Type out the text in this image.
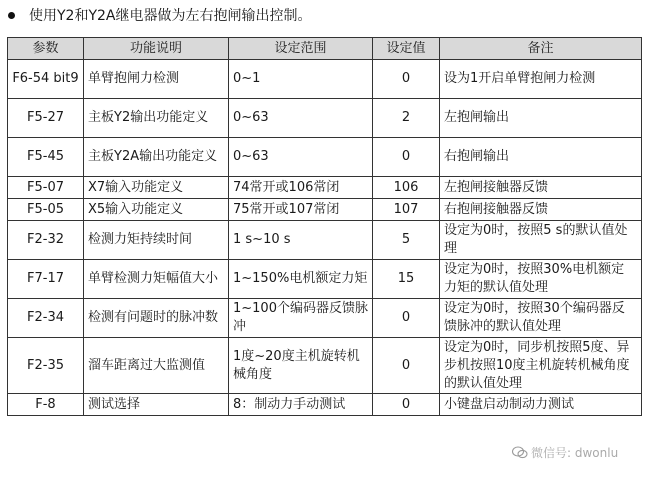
使用Y2和Y2A继电器做为左右抱闸输出控制。
参数	功能说明	设定范围	设定值	备注
F6-54 bit9	单臂抱闸力检测	0~1	0	设为1开启单臂抱闸力检测
F5-27	主板Y2输出功能定义	0~63	2	左抱闸输出
F5-45	主板Y2A输出功能定义	0~63	0	右抱闸输出
F5-07	X7输入功能定义	74常开或106常闭	106	左抱闸接触器反馈
F5-05	X5输入功能定义	75常开或107常闭	107	右抱闸接触器反馈
F2-32	检测力矩持续时间	1 s~10 s	5	设定为0时，按照5 s的默认值处理
F7-17	单臂检测力矩幅值大小	1~150%电机额定力矩	15	设定为0时，按照30%电机额定力矩的默认值处理
F2-34	检测有问题时的脉冲数	1~100个编码器反馈脉冲	0	设定为0时，按照30个编码器反馈脉冲的默认值处理
F2-35	溜车距离过大监测值	1度~20度主机旋转机械角度	0	设定为0时，同步机按照5度、异步机按照10度主机旋转机械角度的默认值处理
F-8	测试选择	8：制动力手动测试	0	小键盘启动制动力测试
微信号: dwonlu
